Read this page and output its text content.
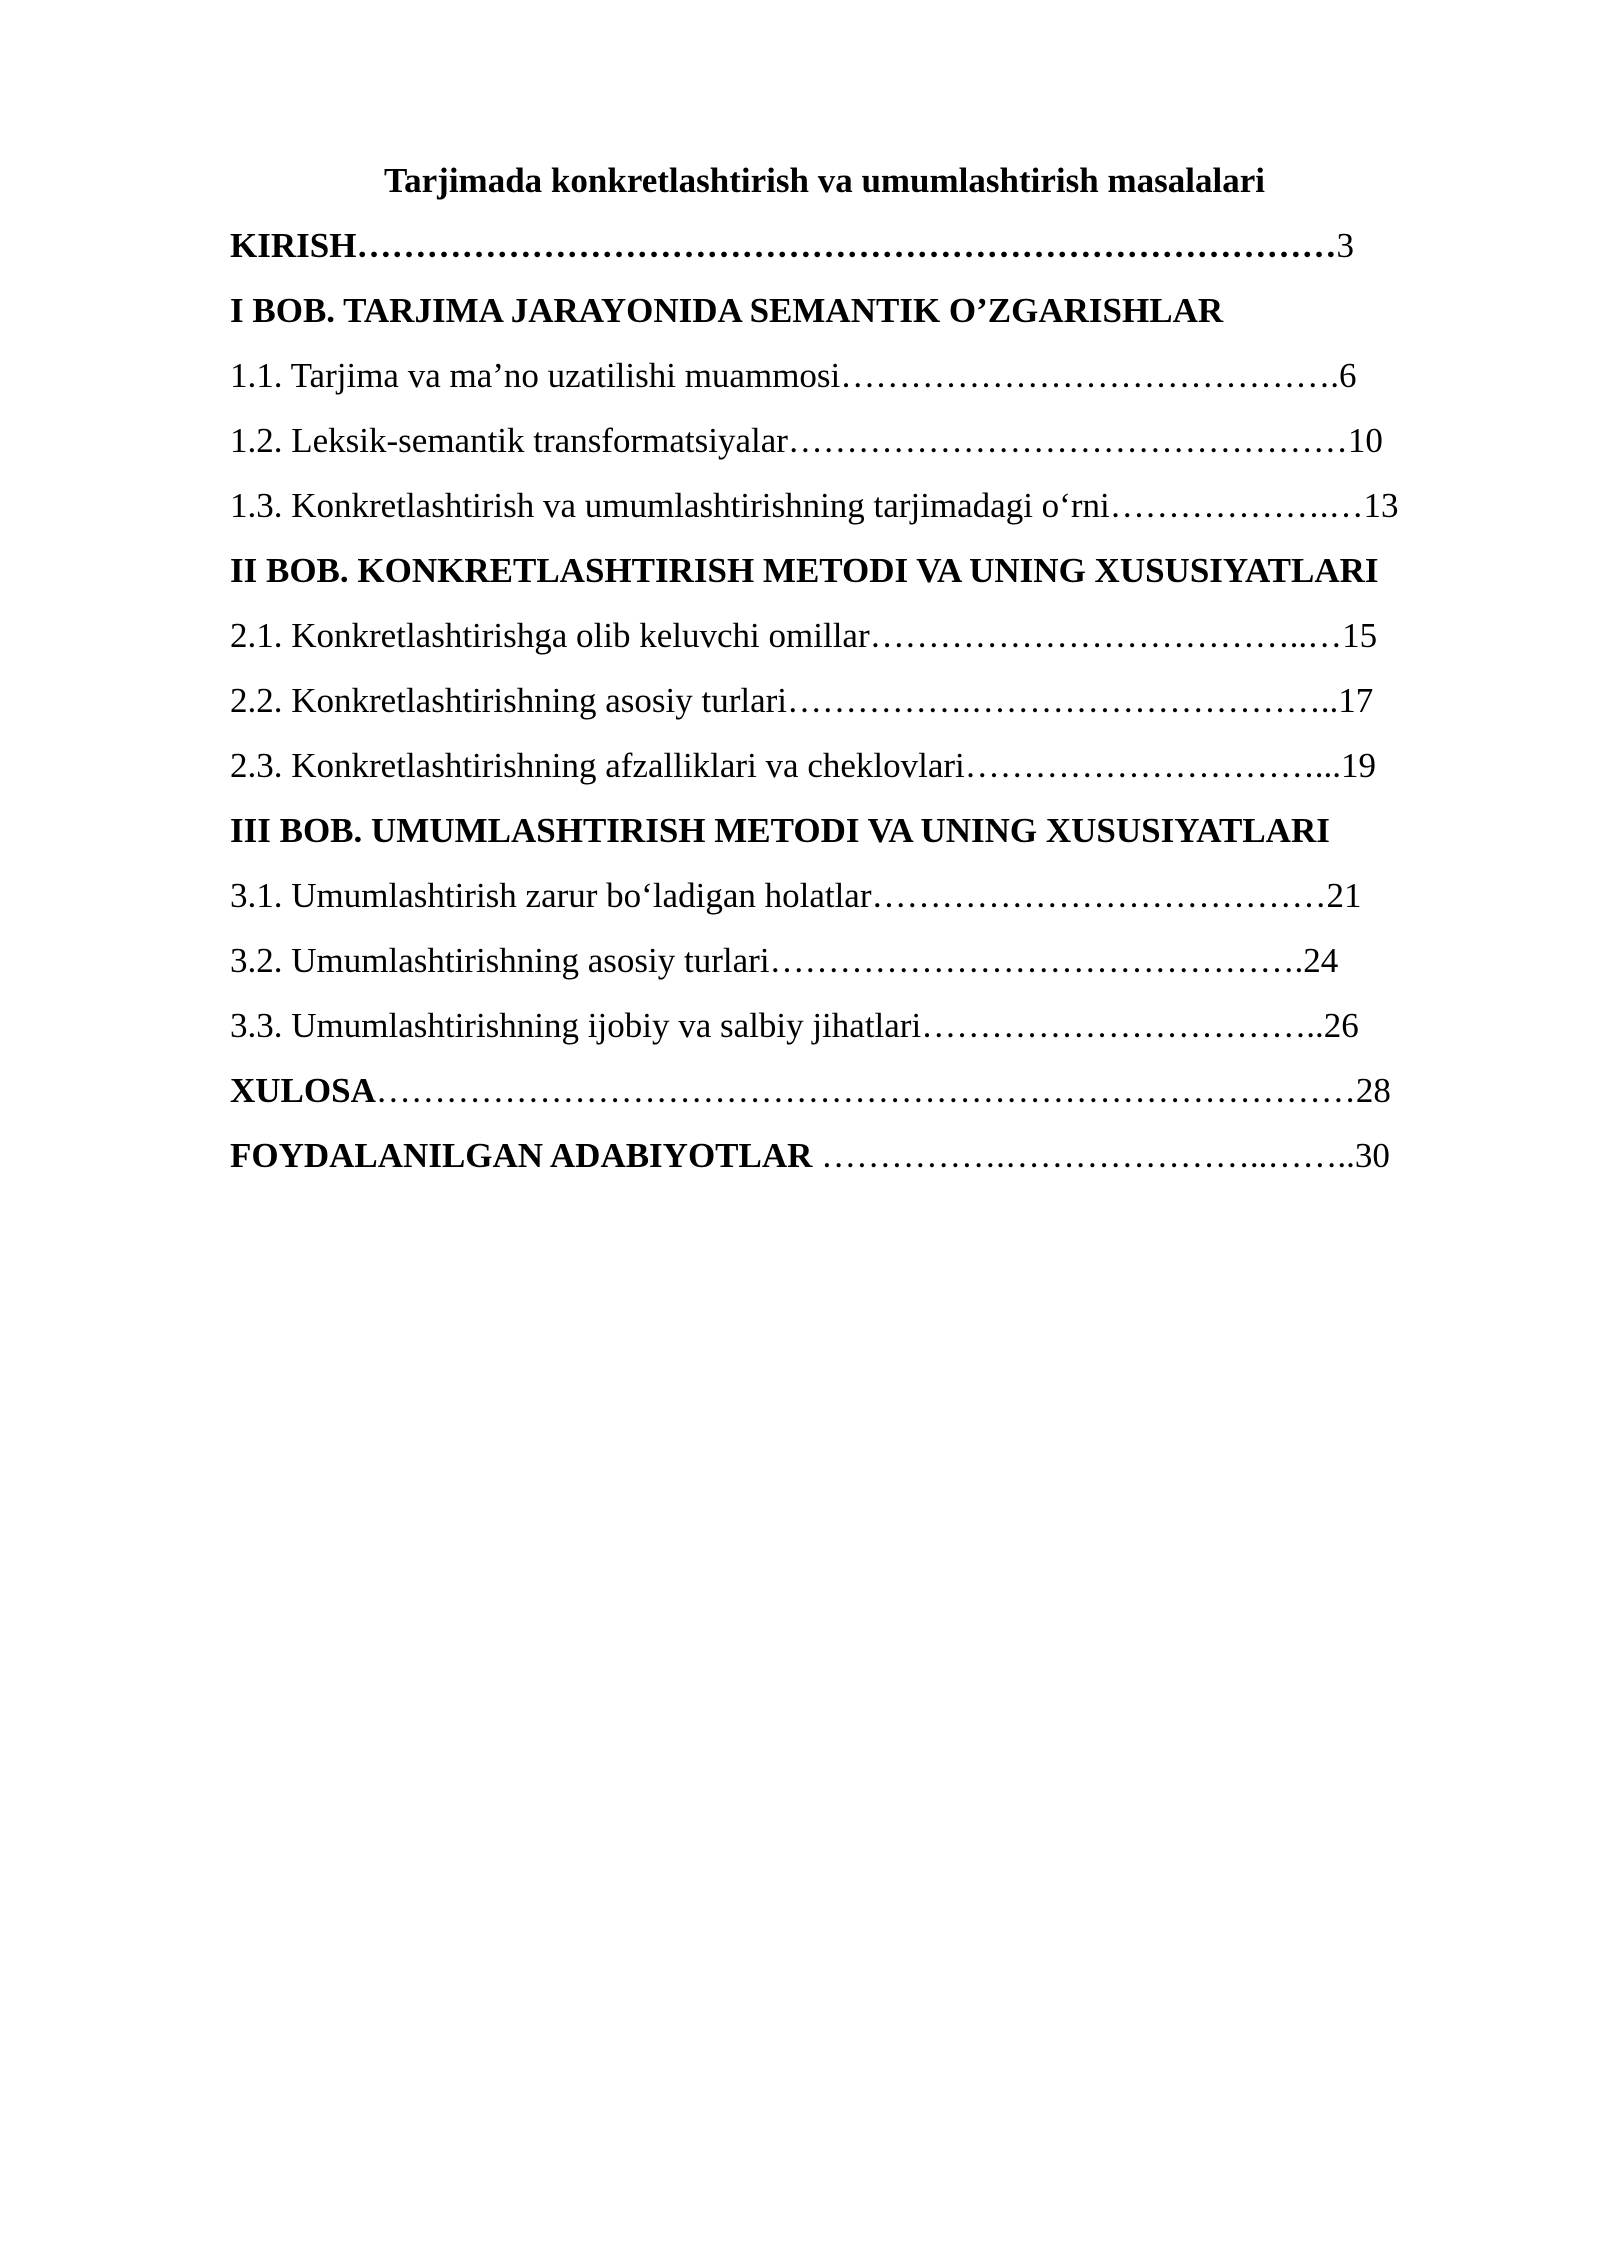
Tarjimada konkretlashtirish va umumlashtirish masalalari
KIRISH…………………………………………………………………………3
I BOB. TARJIMA JARAYONIDA SEMANTIK O’ZGARISHLAR
1.1. Tarjima va ma’no uzatilishi muammosi…………………………………….6
1.2. Leksik-semantik transformatsiyalar…………………………………………10
1.3. Konkretlashtirish va umumlashtirishning tarjimadagi o‘rni……………….…13
II BOB. KONKRETLASHTIRISH METODI VA UNING XUSUSIYATLARI
2.1. Konkretlashtirishga olib keluvchi omillar………………………………..…15
2.2. Konkretlashtirishning asosiy turlari…………….…………………………..17
2.3. Konkretlashtirishning afzalliklari va cheklovlari…………………………...19
III BOB. UMUMLASHTIRISH METODI VA UNING XUSUSIYATLARI
3.1. Umumlashtirish zarur bo‘ladigan holatlar…………………………………21
3.2. Umumlashtirishning asosiy turlari……………………………………….24
3.3. Umumlashtirishning ijobiy va salbiy jihatlari……………………………..26
XULOSA…………………………………………………………………………28
FOYDALANILGAN ADABIYOTLAR …………….…………………..……..30
